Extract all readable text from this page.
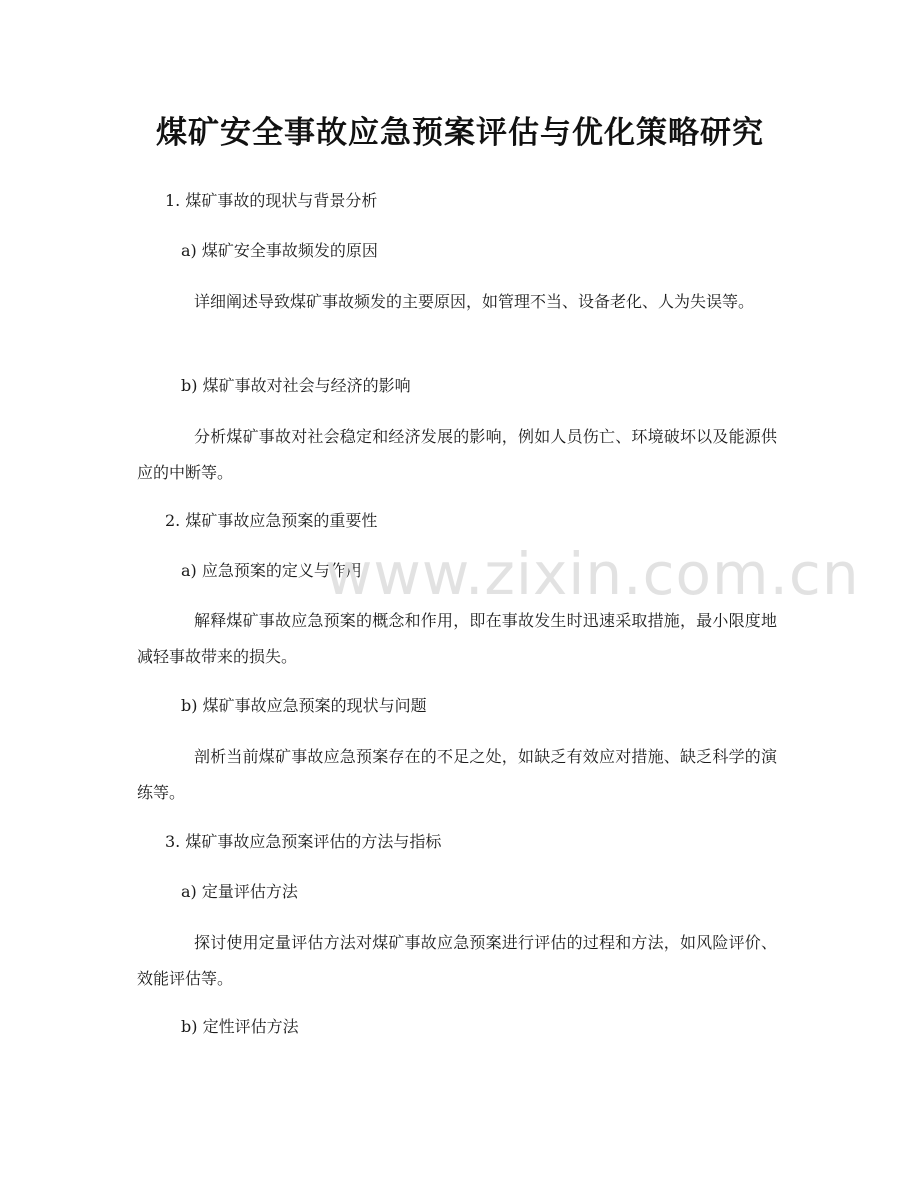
煤矿安全事故应急预案评估与优化策略研究

1. 煤矿事故的现状与背景分析

a) 煤矿安全事故频发的原因

详细阐述导致煤矿事故频发的主要原因，如管理不当、设备老化、人为失误等。

b) 煤矿事故对社会与经济的影响

分析煤矿事故对社会稳定和经济发展的影响，例如人员伤亡、环境破坏以及能源供应的中断等。

2. 煤矿事故应急预案的重要性

a) 应急预案的定义与作用

解释煤矿事故应急预案的概念和作用，即在事故发生时迅速采取措施，最小限度地减轻事故带来的损失。

b) 煤矿事故应急预案的现状与问题

剖析当前煤矿事故应急预案存在的不足之处，如缺乏有效应对措施、缺乏科学的演练等。

3. 煤矿事故应急预案评估的方法与指标

a) 定量评估方法

探讨使用定量评估方法对煤矿事故应急预案进行评估的过程和方法，如风险评价、效能评估等。

b) 定性评估方法

www.zixin.com.cn
